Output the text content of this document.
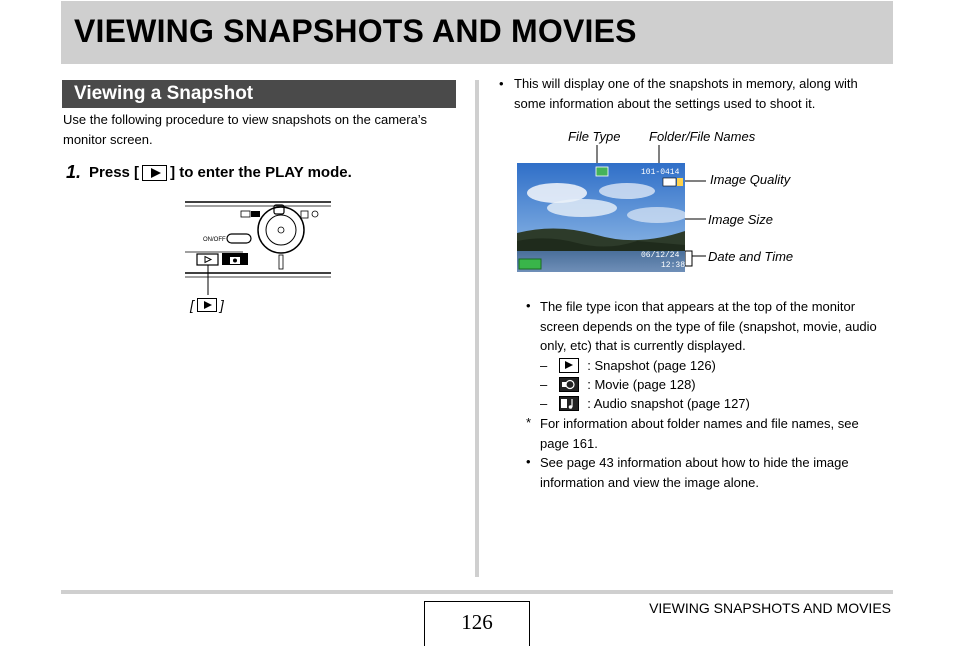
VIEWING SNAPSHOTS AND MOVIES
Viewing a Snapshot

Use the following procedure to view snapshots on the camera’s monitor screen.

1. Press [ ] to enter the PLAY mode.
ON/OFF
[ ]
• This will display one of the snapshots in memory, along with some information about the settings used to shoot it.

File Type Folder/File Names
Image Quality
Image Size
Date and Time
101-0414
06/12/24
12:38
• The file type icon that appears at the top of the monitor screen depends on the type of file (snapshot, movie, audio only, etc) that is currently displayed.

–	: Snapshot (page 126)
–	: Movie (page 128)
–	: Audio snapshot (page 127)
* For information about folder names and file names, see page 161.

• See page 43 information about how to hide the image information and view the image alone.

126
VIEWING SNAPSHOTS AND MOVIES
